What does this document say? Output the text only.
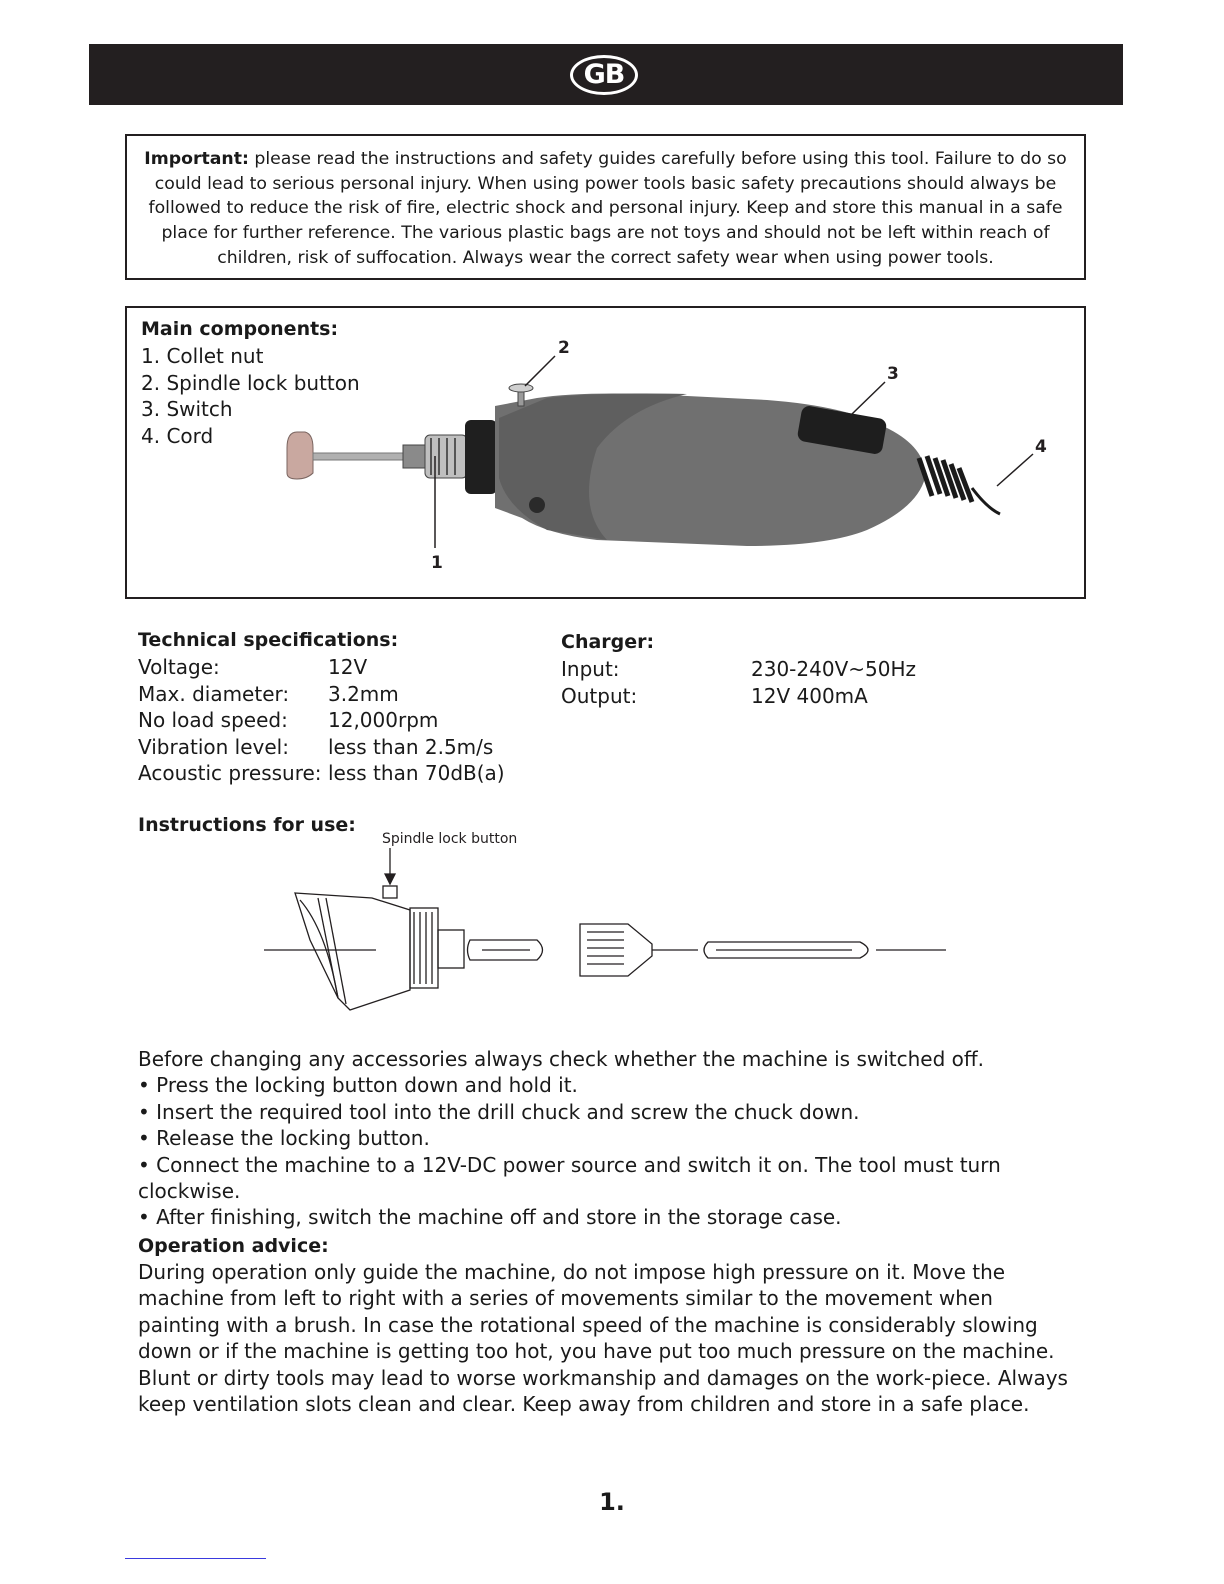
GB
Important: please read the instructions and safety guides carefully before using this tool. Failure to do so could lead to serious personal injury. When using power tools basic safety precautions should always be followed to reduce the risk of fire, electric shock and personal injury. Keep and store this manual in a safe place for further reference. The various plastic bags are not toys and should not be left within reach of children, risk of suffocation. Always wear the correct safety wear when using power tools.
Main components:
1. Collet nut
2. Spindle lock button
3. Switch
4. Cord
1
2
3
4
Technical specifications:
Voltage:	12V
Max. diameter:	3.2mm
No load speed:	12,000rpm
Vibration level:	less than 2.5m/s
Acoustic pressure: less than 70dB(a)
Charger:
Input:	230-240V~50Hz
Output:	12V 400mA
Instructions for use:
Spindle lock button

Before changing any accessories always check whether the machine is switched off.

• Press the locking button down and hold it.

• Insert the required tool into the drill chuck and screw the chuck down.

• Release the locking button.

• Connect the machine to a 12V-DC power source and switch it on. The tool must turn clockwise.

• After finishing, switch the machine off and store in the storage case.

Operation advice:
During operation only guide the machine, do not impose high pressure on it. Move the machine from left to right with a series of movements similar to the movement when painting with a brush. In case the rotational speed of the machine is considerably slowing down or if the machine is getting too hot, you have put too much pressure on the machine. Blunt or dirty tools may lead to worse workmanship and damages on the work-piece. Always keep ventilation slots clean and clear. Keep away from children and store in a safe place.
1.
